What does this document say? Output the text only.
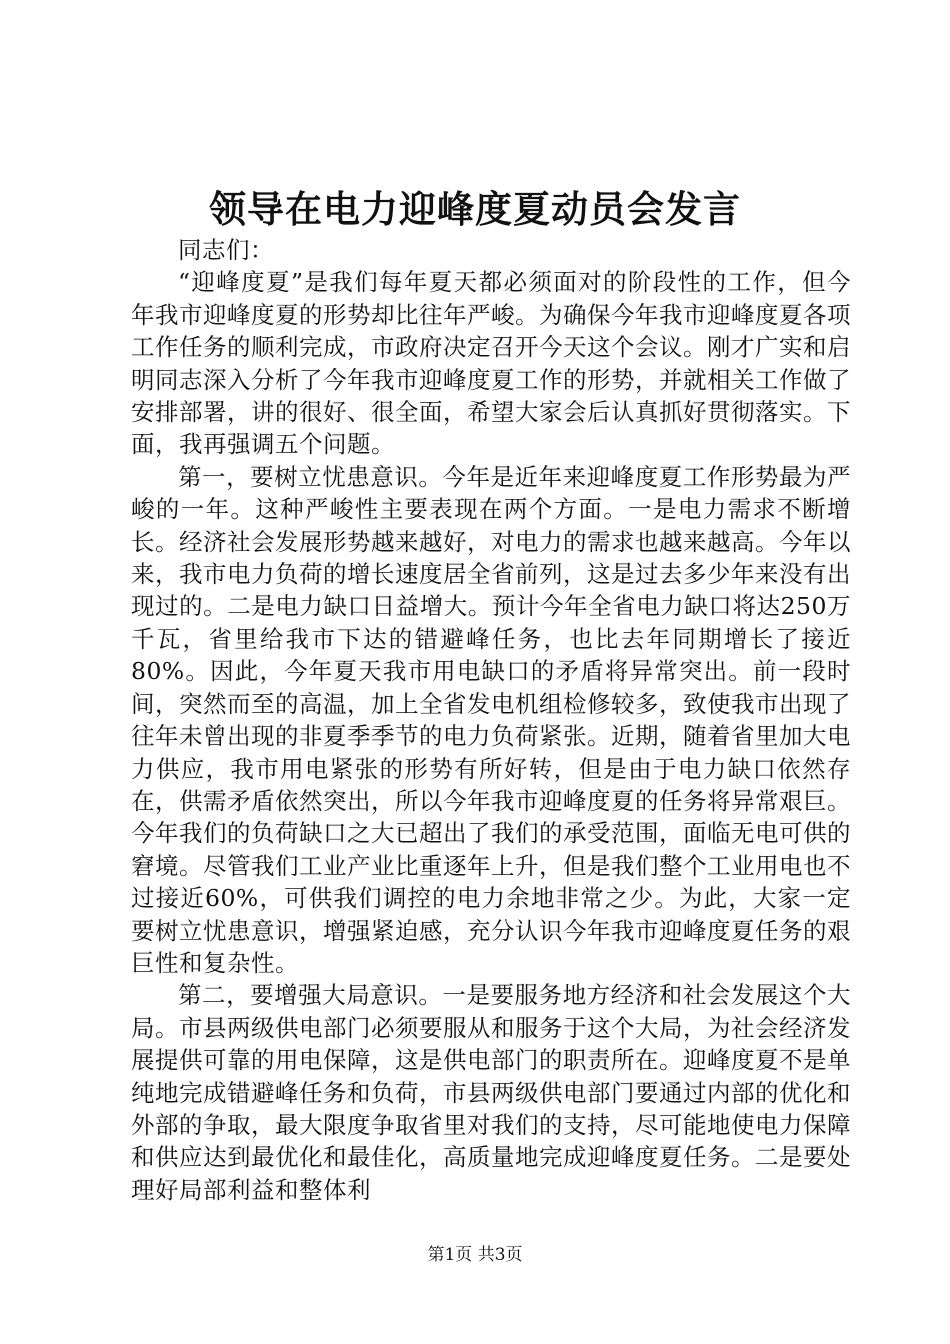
领导在电力迎峰度夏动员会发言

同志们：

“迎峰度夏”是我们每年夏天都必须面对的阶段性的工作，但今年我市迎峰度夏的形势却比往年严峻。为确保今年我市迎峰度夏各项工作任务的顺利完成，市政府决定召开今天这个会议。刚才广实和启明同志深入分析了今年我市迎峰度夏工作的形势，并就相关工作做了安排部署，讲的很好、很全面，希望大家会后认真抓好贯彻落实。下面，我再强调五个问题。

第一，要树立忧患意识。今年是近年来迎峰度夏工作形势最为严峻的一年。这种严峻性主要表现在两个方面。一是电力需求不断增长。经济社会发展形势越来越好，对电力的需求也越来越高。今年以来，我市电力负荷的增长速度居全省前列，这是过去多少年来没有出现过的。二是电力缺口日益增大。预计今年全省电力缺口将达250万千瓦，省里给我市下达的错避峰任务，也比去年同期增长了接近80%。因此，今年夏天我市用电缺口的矛盾将异常突出。前一段时间，突然而至的高温，加上全省发电机组检修较多，致使我市出现了往年未曾出现的非夏季季节的电力负荷紧张。近期，随着省里加大电力供应，我市用电紧张的形势有所好转，但是由于电力缺口依然存在，供需矛盾依然突出，所以今年我市迎峰度夏的任务将异常艰巨。今年我们的负荷缺口之大已超出了我们的承受范围，面临无电可供的窘境。尽管我们工业产业比重逐年上升，但是我们整个工业用电也不过接近60%，可供我们调控的电力余地非常之少。为此，大家一定要树立忧患意识，增强紧迫感，充分认识今年我市迎峰度夏任务的艰巨性和复杂性。

第二，要增强大局意识。一是要服务地方经济和社会发展这个大局。市县两级供电部门必须要服从和服务于这个大局，为社会经济发展提供可靠的用电保障，这是供电部门的职责所在。迎峰度夏不是单纯地完成错避峰任务和负荷，市县两级供电部门要通过内部的优化和外部的争取，最大限度争取省里对我们的支持，尽可能地使电力保障和供应达到最优化和最佳化，高质量地完成迎峰度夏任务。二是要处理好局部利益和整体利

第1页 共3页
